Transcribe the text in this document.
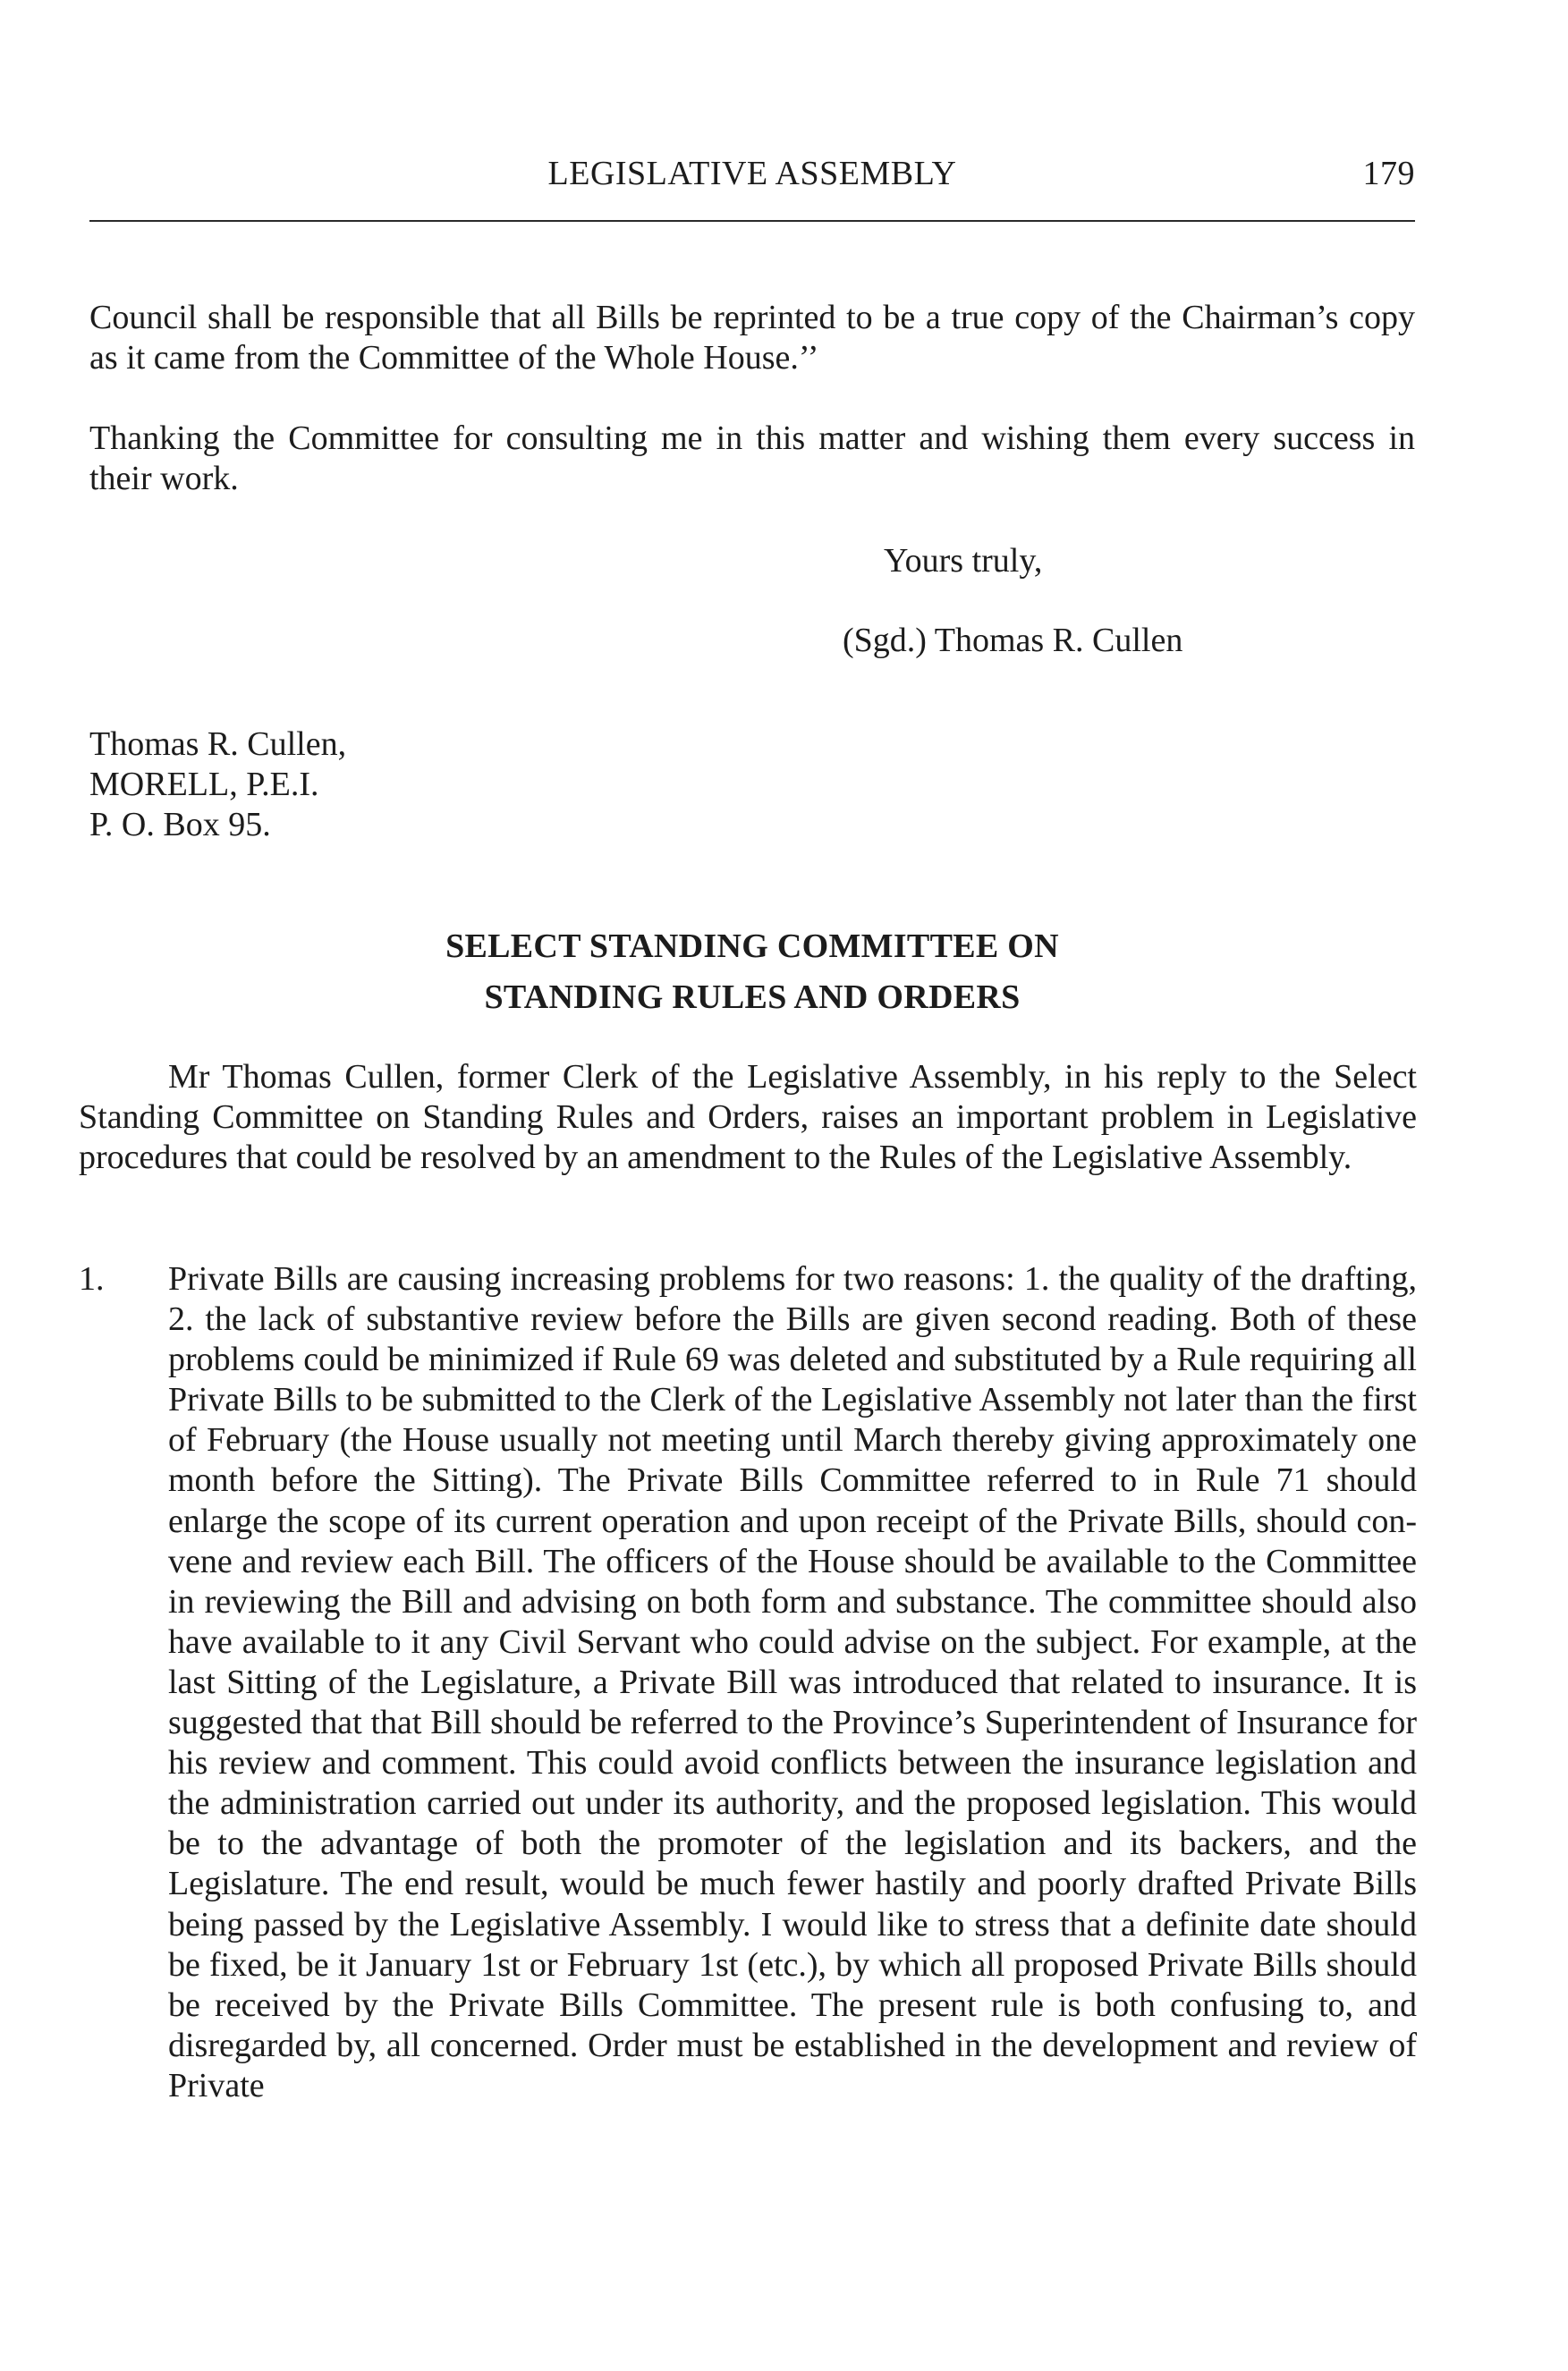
LEGISLATIVE ASSEMBLY	179
Council shall be responsible that all Bills be reprinted to be a true copy of the Chairman’s copy as it came from the Committee of the Whole House.’’
Thanking the Committee for consulting me in this matter and wishing them every success in their work.
Yours truly,
(Sgd.) Thomas R. Cullen
Thomas R. Cullen,
MORELL, P.E.I.
P. O. Box 95.
SELECT STANDING COMMITTEE ON
STANDING RULES AND ORDERS
Mr Thomas Cullen, former Clerk of the Legislative Assembly, in his reply to the Select Standing Committee on Standing Rules and Orders, raises an important problem in Legislative procedures that could be resolved by an amendment to the Rules of the Legislative Assembly.
1. Private Bills are causing increasing problems for two reasons: 1. the quality of the drafting, 2. the lack of substantive review before the Bills are given second reading. Both of these problems could be minimized if Rule 69 was deleted and substituted by a Rule requiring all Private Bills to be submitted to the Clerk of the Legislative Assembly not later than the first of February (the House usually not meeting until March thereby giving approximately one month before the Sitting). The Private Bills Committee referred to in Rule 71 should enlarge the scope of its current operation and upon receipt of the Private Bills, should convene and review each Bill. The officers of the House should be available to the Committee in reviewing the Bill and advising on both form and substance. The committee should also have available to it any Civil Servant who could advise on the subject. For example, at the last Sitting of the Legislature, a Private Bill was introduced that related to insurance. It is suggested that that Bill should be referred to the Province’s Superintendent of Insurance for his review and comment. This could avoid conflicts between the insurance legislation and the administration carried out under its authority, and the proposed legislation. This would be to the advantage of both the promoter of the legislation and its backers, and the Legislature. The end result, would be much fewer hastily and poorly drafted Private Bills being passed by the Legislative Assembly. I would like to stress that a definite date should be fixed, be it January 1st or February 1st (etc.), by which all proposed Private Bills should be received by the Private Bills Committee. The present rule is both confusing to, and disregarded by, all concerned. Order must be established in the development and review of Private
